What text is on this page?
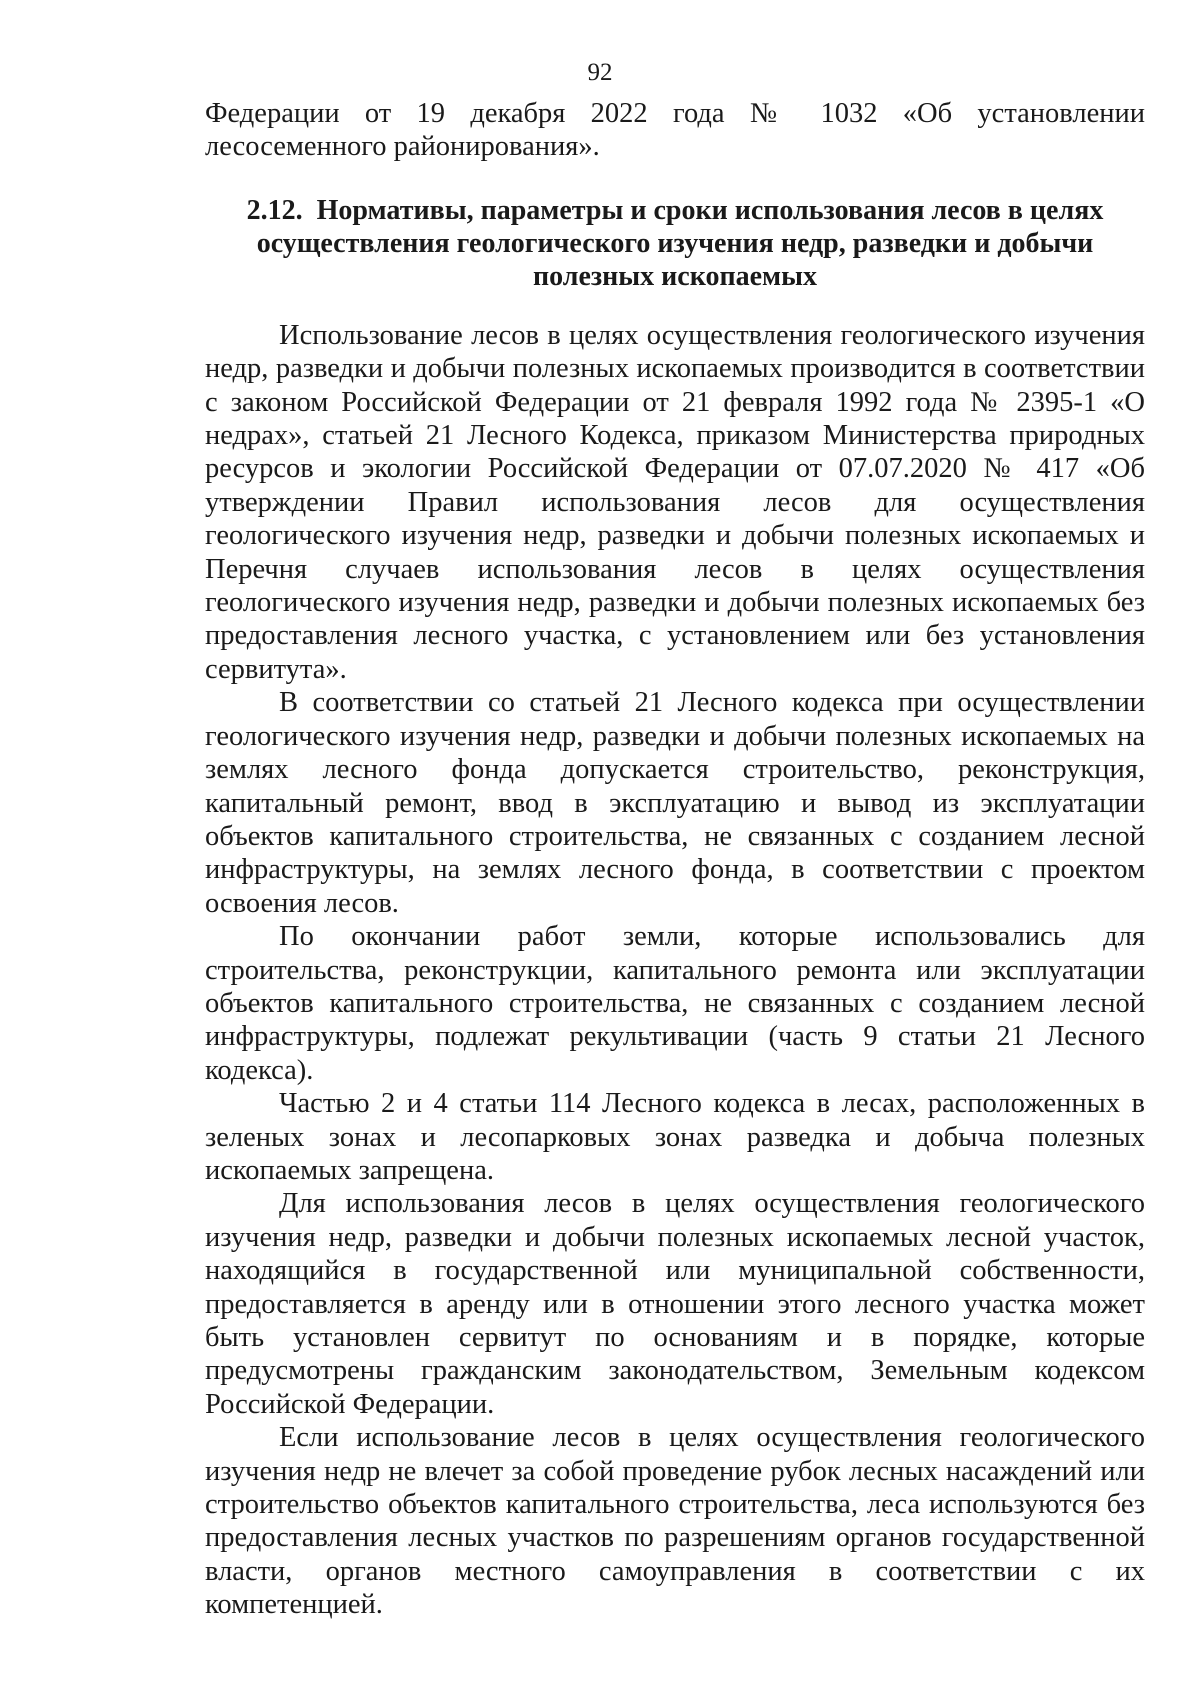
92

Федерации от 19 декабря 2022 года № 1032 «Об установлении лесосеменного районирования».

2.12. Нормативы, параметры и сроки использования лесов в целях
осуществления геологического изучения недр, разведки и добычи
полезных ископаемых

Использование лесов в целях осуществления геологического изучения недр, разведки и добычи полезных ископаемых производится в соответствии с законом Российской Федерации от 21 февраля 1992 года № 2395-1 «О недрах», статьей 21 Лесного Кодекса, приказом Министерства природных ресурсов и экологии Российской Федерации от 07.07.2020 № 417 «Об утверждении Правил использования лесов для осуществления геологического изучения недр, разведки и добычи полезных ископаемых и Перечня случаев использования лесов в целях осуществления геологического изучения недр, разведки и добычи полезных ископаемых без предоставления лесного участка, с установлением или без установления сервитута».

В соответствии со статьей 21 Лесного кодекса при осуществлении геологического изучения недр, разведки и добычи полезных ископаемых на землях лесного фонда допускается строительство, реконструкция, капитальный ремонт, ввод в эксплуатацию и вывод из эксплуатации объектов капитального строительства, не связанных с созданием лесной инфраструктуры, на землях лесного фонда, в соответствии с проектом освоения лесов.

По окончании работ земли, которые использовались для строительства, реконструкции, капитального ремонта или эксплуатации объектов капитального строительства, не связанных с созданием лесной инфраструктуры, подлежат рекультивации (часть 9 статьи 21 Лесного кодекса).

Частью 2 и 4 статьи 114 Лесного кодекса в лесах, расположенных в зеленых зонах и лесопарковых зонах разведка и добыча полезных ископаемых запрещена.

Для использования лесов в целях осуществления геологического изучения недр, разведки и добычи полезных ископаемых лесной участок, находящийся в государственной или муниципальной собственности, предоставляется в аренду или в отношении этого лесного участка может быть установлен сервитут по основаниям и в порядке, которые предусмотрены гражданским законодательством, Земельным кодексом Российской Федерации.

Если использование лесов в целях осуществления геологического изучения недр не влечет за собой проведение рубок лесных насаждений или строительство объектов капитального строительства, леса используются без предоставления лесных участков по разрешениям органов государственной власти, органов местного самоуправления в соответствии с их компетенцией.
